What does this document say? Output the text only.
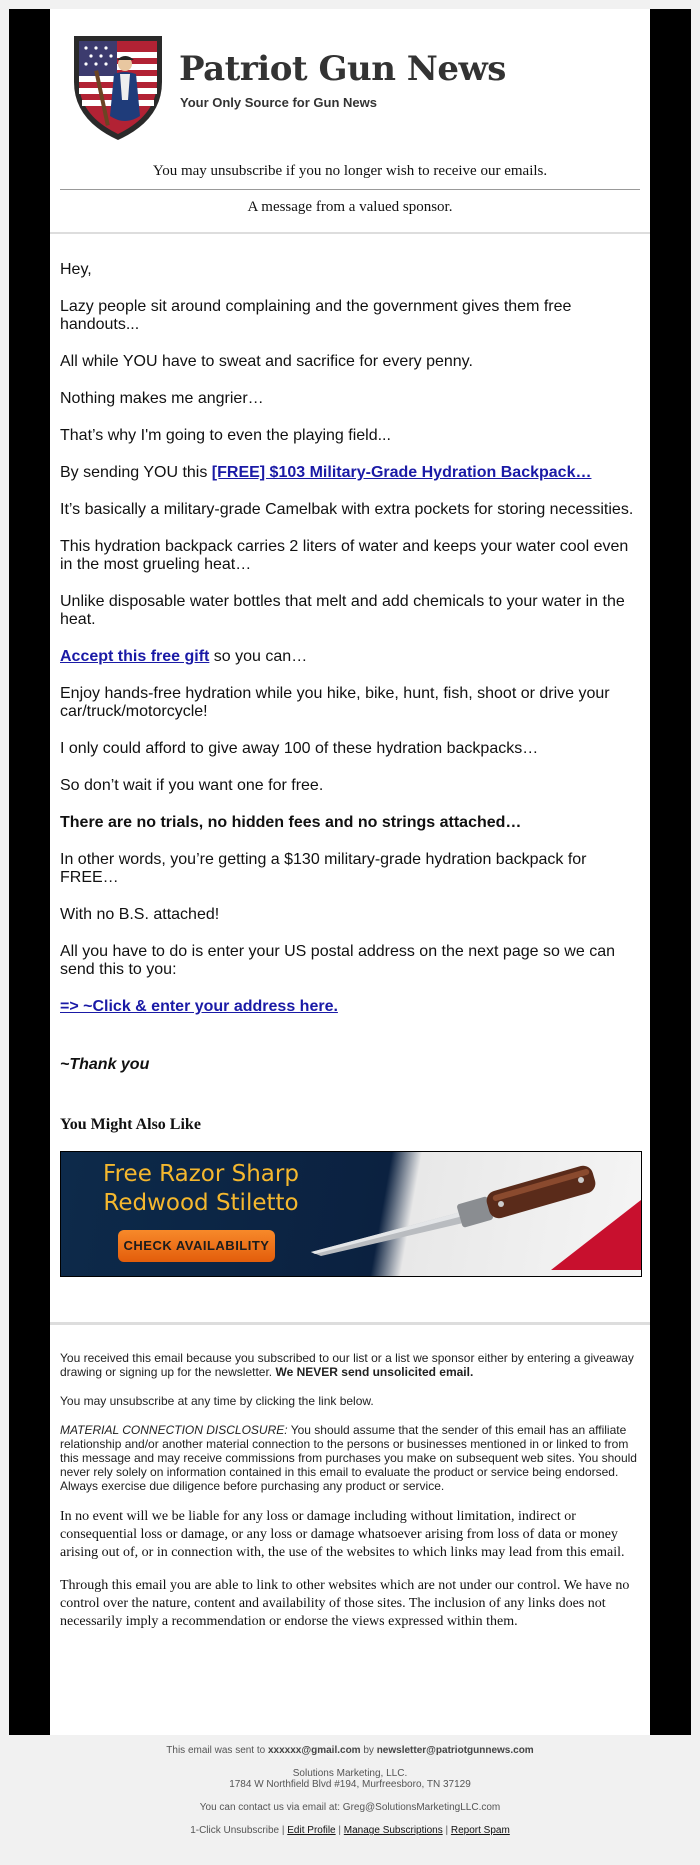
Patriot Gun News
Your Only Source for Gun News
You may unsubscribe if you no longer wish to receive our emails.
A message from a valued sponsor.

Hey,

Lazy people sit around complaining and the government gives them free handouts...

All while YOU have to sweat and sacrifice for every penny.

Nothing makes me angrier…

That’s why I'm going to even the playing field...

By sending YOU this [FREE] $103 Military-Grade Hydration Backpack…

It’s basically a military-grade Camelbak with extra pockets for storing necessities.

This hydration backpack carries 2 liters of water and keeps your water cool even in the most grueling heat…

Unlike disposable water bottles that melt and add chemicals to your water in the heat.

Accept this free gift so you can…

Enjoy hands-free hydration while you hike, bike, hunt, fish, shoot or drive your car/truck/motorcycle!

I only could afford to give away 100 of these hydration backpacks…

So don’t wait if you want one for free.

There are no trials, no hidden fees and no strings attached…

In other words, you’re getting a $130 military-grade hydration backpack for FREE…

With no B.S. attached!

All you have to do is enter your US postal address on the next page so we can send this to you:

=> ~Click & enter your address here.

~Thank you

You Might Also Like
Free Razor Sharp Redwood Stiletto
CHECK AVAILABILITY

You received this email because you subscribed to our list or a list we sponsor either by entering a giveaway drawing or signing up for the newsletter. We NEVER send unsolicited email.

You may unsubscribe at any time by clicking the link below.

MATERIAL CONNECTION DISCLOSURE: You should assume that the sender of this email has an affiliate relationship and/or another material connection to the persons or businesses mentioned in or linked to from this message and may receive commissions from purchases you make on subsequent web sites. You should never rely solely on information contained in this email to evaluate the product or service being endorsed. Always exercise due diligence before purchasing any product or service.

In no event will we be liable for any loss or damage including without limitation, indirect or consequential loss or damage, or any loss or damage whatsoever arising from loss of data or money arising out of, or in connection with, the use of the websites to which links may lead from this email.

Through this email you are able to link to other websites which are not under our control. We have no control over the nature, content and availability of those sites. The inclusion of any links does not necessarily imply a recommendation or endorse the views expressed within them.

This email was sent to xxxxxx@gmail.com by newsletter@patriotgunnews.com
Solutions Marketing, LLC.
1784 W Northfield Blvd #194, Murfreesboro, TN 37129
You can contact us via email at: Greg@SolutionsMarketingLLC.com
1-Click Unsubscribe | Edit Profile | Manage Subscriptions | Report Spam
